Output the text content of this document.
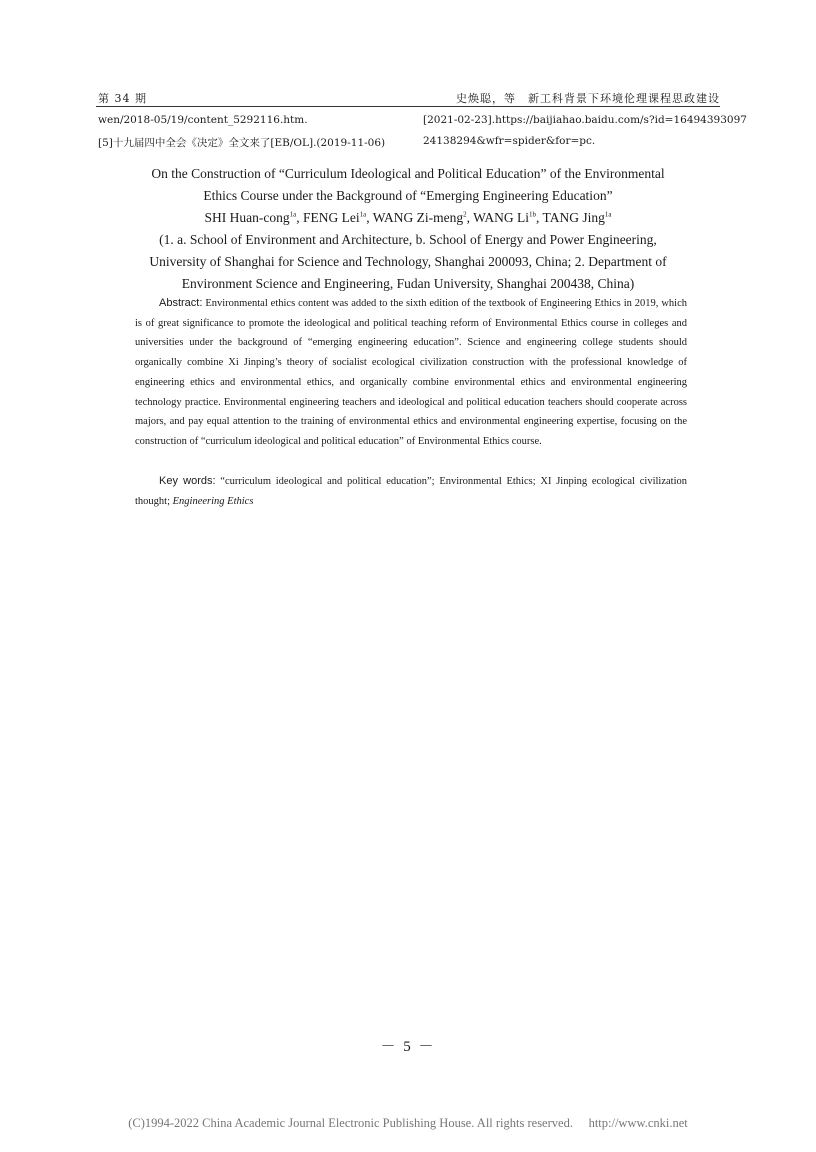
第 34 期	史焕聪，等　新工科背景下环境伦理课程思政建设
wen/2018-05/19/content_5292116.htm.
[5]十九届四中全会《决定》全文来了[EB/OL].(2019-11-06)
[2021-02-23].https://baijiahao.baidu.com/s?id=16494393097
24138294&wfr=spider&for=pc.
On the Construction of “Curriculum Ideological and Political Education” of the Environmental
Ethics Course under the Background of “Emerging Engineering Education”
SHI Huan-cong$^{1a}$, FENG Lei$^{1a}$, WANG Zi-meng$^2$, WANG $Li^{1b}$, TANG Jing$^{1a}$
(1. a. School of Environment and Architecture, b. School of Energy and Power Engineering,
University of Shanghai for Science and Technology, Shanghai 200093, China; 2. Department of
Environment Science and Engineering, Fudan University, Shanghai 200438, China)
Abstract: Environmental ethics content was added to the sixth edition of the textbook of Engineering Ethics in 2019, which is of great significance to promote the ideological and political teaching reform of Environmental Ethics course in colleges and universities under the background of “emerging engineering education”. Science and engineering college students should organically combine Xi Jinping’s theory of socialist ecological civilization construction with the professional knowledge of engineering ethics and environmental ethics, and organically combine environmental ethics and environmental engineering technology practice. Environmental engineering teachers and ideological and political education teachers should cooperate across majors, and pay equal attention to the training of environmental ethics and environmental engineering expertise, focusing on the construction of “curriculum ideological and political education” of Environmental Ethics course.
Key words: “curriculum ideological and political education”; Environmental Ethics; XI Jinping ecological civilization thought; Engineering Ethics
－ 5 －
(C)1994-2022 China Academic Journal Electronic Publishing House. All rights reserved.　 http://www.cnki.net
